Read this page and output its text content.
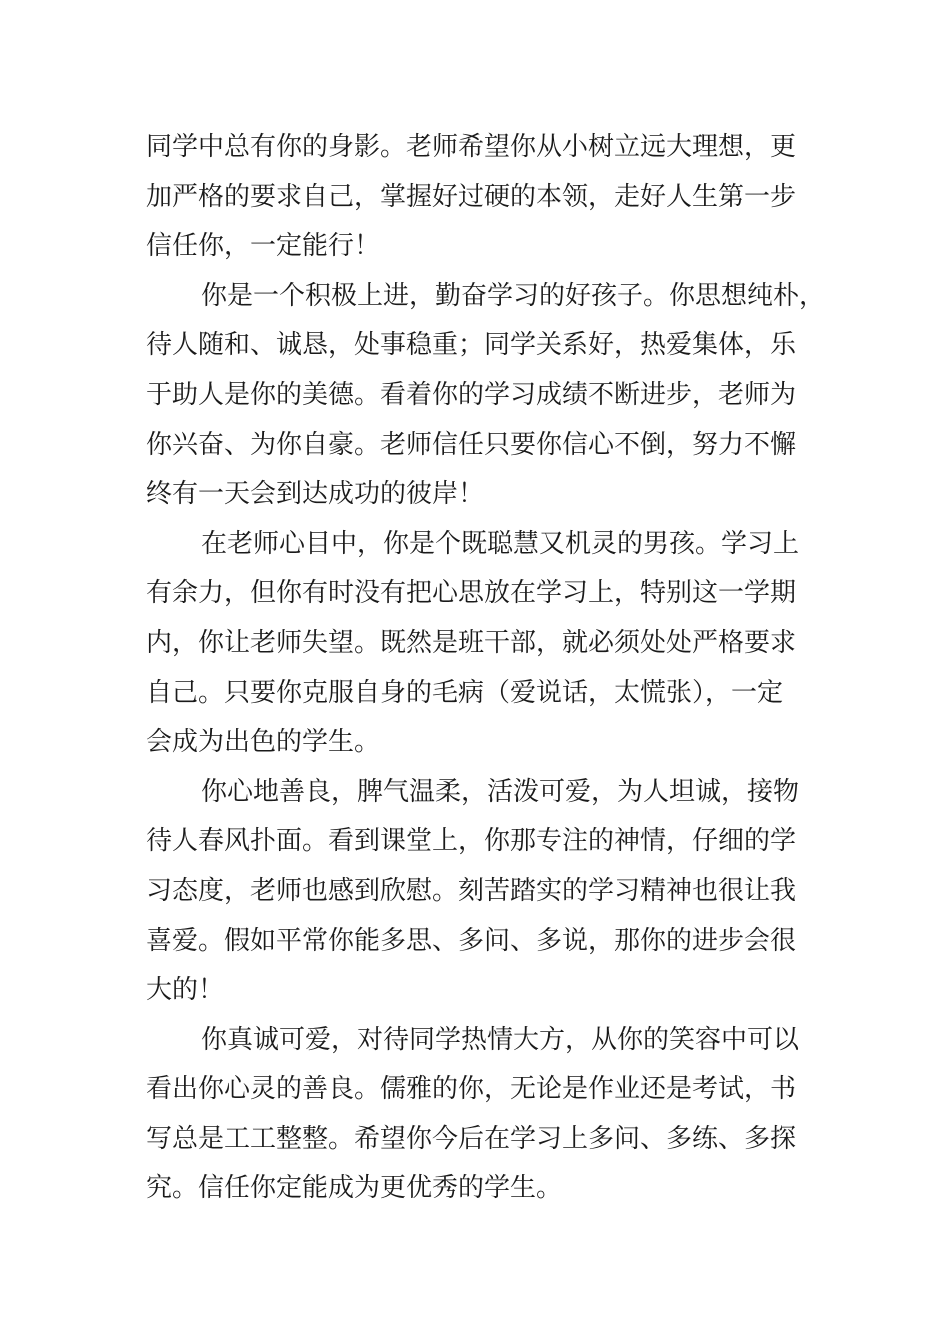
同学中总有你的身影。老师希望你从小树立远大理想，更
加严格的要求自己，掌握好过硬的本领，走好人生第一步
信任你，一定能行！

你是一个积极上进，勤奋学习的好孩子。你思想纯朴，
待人随和、诚恳，处事稳重；同学关系好，热爱集体，乐
于助人是你的美德。看着你的学习成绩不断进步，老师为
你兴奋、为你自豪。老师信任只要你信心不倒，努力不懈
终有一天会到达成功的彼岸！

在老师心目中，你是个既聪慧又机灵的男孩。学习上
有余力，但你有时没有把心思放在学习上，特别这一学期
内，你让老师失望。既然是班干部，就必须处处严格要求
自己。只要你克服自身的毛病（爱说话，太慌张），一定
会成为出色的学生。

你心地善良，脾气温柔，活泼可爱，为人坦诚，接物
待人春风扑面。看到课堂上，你那专注的神情，仔细的学
习态度，老师也感到欣慰。刻苦踏实的学习精神也很让我
喜爱。假如平常你能多思、多问、多说，那你的进步会很
大的！

你真诚可爱，对待同学热情大方，从你的笑容中可以
看出你心灵的善良。儒雅的你，无论是作业还是考试，书
写总是工工整整。希望你今后在学习上多问、多练、多探
究。信任你定能成为更优秀的学生。
